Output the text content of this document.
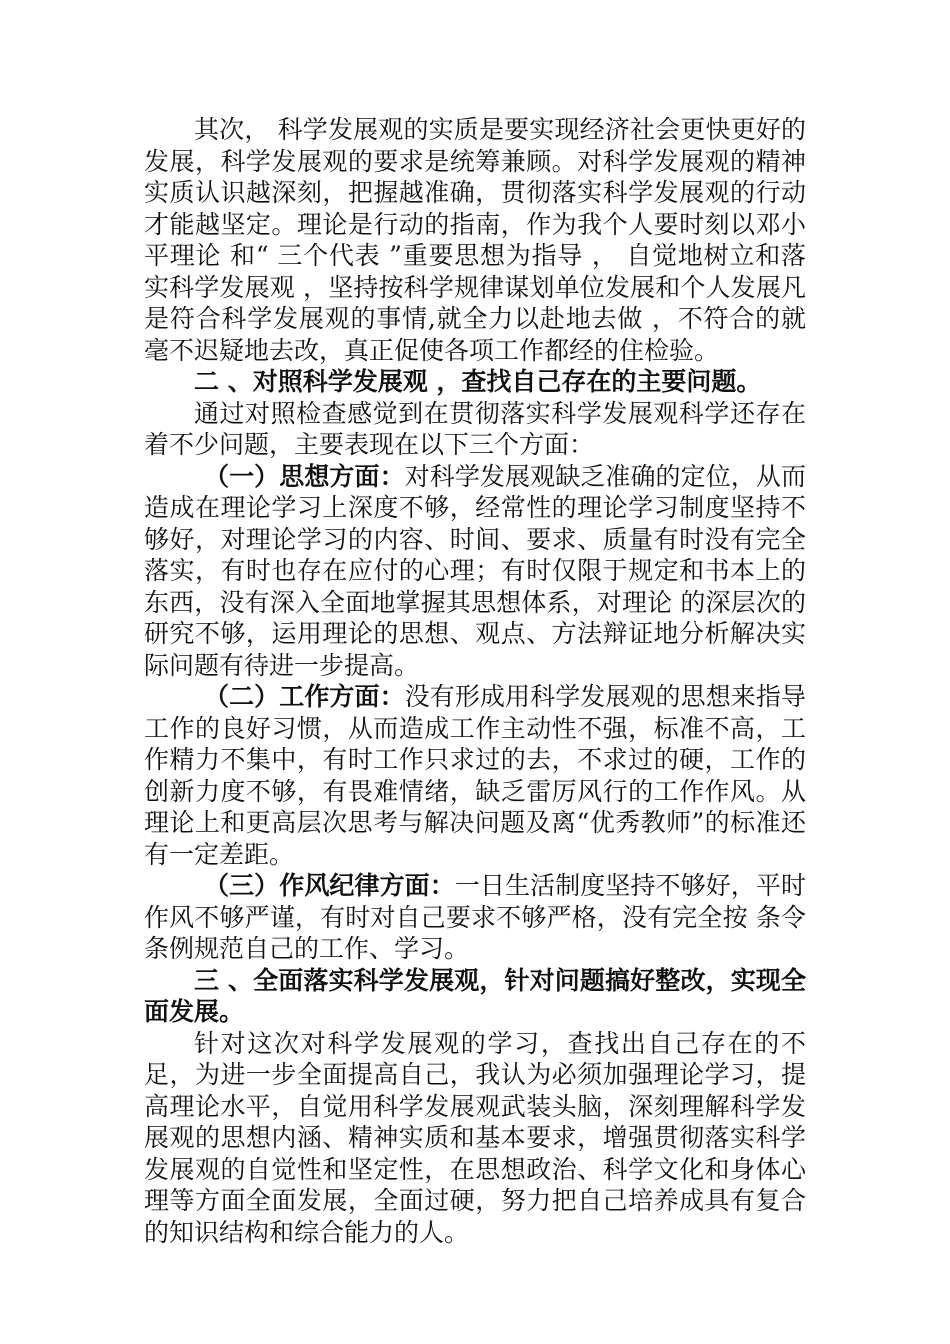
其次， 科学发展观的实质是要实现经济社会更快更好的发展，科学发展观的要求是统筹兼顾。对科学发展观的精神实质认识越深刻，把握越准确，贯彻落实科学发展观的行动才能越坚定。理论是行动的指南，作为我个人要时刻以邓小平理论 和“ 三个代表 ”重要思想为指导 ， 自觉地树立和落实科学发展观 ，坚持按科学规律谋划单位发展和个人发展凡是符合科学发展观的事情,就全力以赴地去做 ，不符合的就毫不迟疑地去改，真正促使各项工作都经的住检验。

二 、对照科学发展观 ，查找自己存在的主要问题。

通过对照检查感觉到在贯彻落实科学发展观科学还存在着不少问题，主要表现在以下三个方面：

（一）思想方面：对科学发展观缺乏准确的定位，从而造成在理论学习上深度不够，经常性的理论学习制度坚持不够好，对理论学习的内容、时间、要求、质量有时没有完全落实，有时也存在应付的心理；有时仅限于规定和书本上的东西，没有深入全面地掌握其思想体系，对理论 的深层次的研究不够，运用理论的思想、观点、方法辩证地分析解决实际问题有待进一步提高。

（二）工作方面：没有形成用科学发展观的思想来指导工作的良好习惯，从而造成工作主动性不强，标准不高，工作精力不集中，有时工作只求过的去，不求过的硬，工作的创新力度不够，有畏难情绪，缺乏雷厉风行的工作作风。从理论上和更高层次思考与解决问题及离“优秀教师”的标准还有一定差距。

（三）作风纪律方面：一日生活制度坚持不够好，平时作风不够严谨，有时对自己要求不够严格，没有完全按 条令条例规范自己的工作、学习。

三 、全面落实科学发展观，针对问题搞好整改，实现全面发展。

针对这次对科学发展观的学习，查找出自己存在的不足，为进一步全面提高自己，我认为必须加强理论学习，提高理论水平，自觉用科学发展观武装头脑，深刻理解科学发展观的思想内涵、精神实质和基本要求，增强贯彻落实科学发展观的自觉性和坚定性，在思想政治、科学文化和身体心理等方面全面发展，全面过硬，努力把自己培养成具有复合的知识结构和综合能力的人。
